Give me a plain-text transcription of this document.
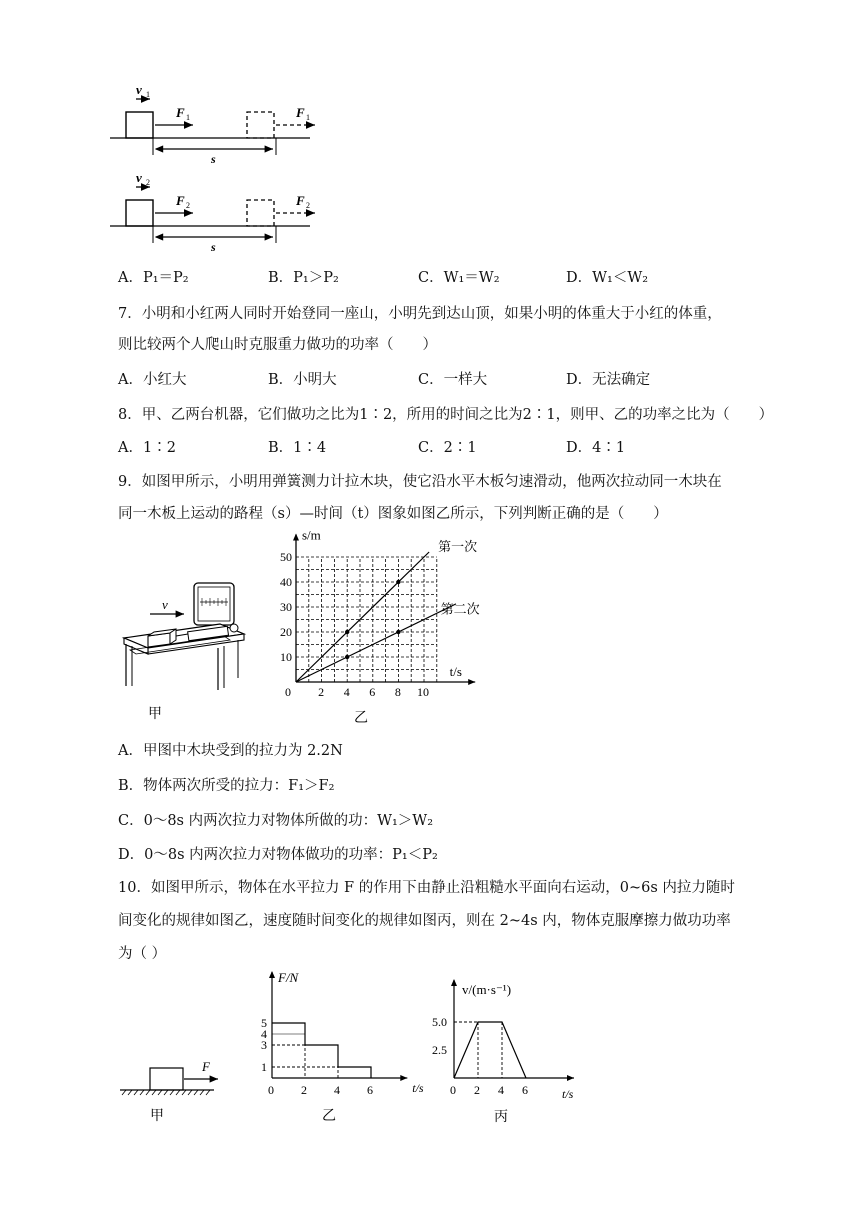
v 1
F 1	F 1
s
v 2
F 2	F 2
s
A．P₁＝P₂	B．P₁＞P₂	C．W₁＝W₂	D．W₁＜W₂
7．小明和小红两人同时开始登同一座山，小明先到达山顶，如果小明的体重大于小红的体重，
则比较两个人爬山时克服重力做功的功率（　　）
A．小红大	B．小明大	C．一样大	D．无法确定
8．甲、乙两台机器，它们做功之比为1∶2，所用的时间之比为2∶1，则甲、乙的功率之比为（　　）
A．1∶2	B．1∶4	C．2∶1	D．4∶1
9．如图甲所示，小明用弹簧测力计拉木块，使它沿水平木板匀速滑动，他两次拉动同一木块在
同一木板上运动的路程（s）—时间（t）图象如图乙所示，下列判断正确的是（　　）
v
甲
0 2 4 6 8 10
10
20
30
40
50
s/m
t/s
第一次
第二次
乙
A．甲图中木块受到的拉力为 2.2N
B．物体两次所受的拉力：F₁＞F₂
C．0～8s 内两次拉力对物体所做的功：W₁＞W₂
D．0～8s 内两次拉力对物体做功的功率：P₁＜P₂
10．如图甲所示，物体在水平拉力 F 的作用下由静止沿粗糙水平面向右运动，0~6s 内拉力随时
间变化的规律如图乙，速度随时间变化的规律如图丙，则在 2~4s 内，物体克服摩擦力做功功率
为（ ）
F
甲
1
3
4
5
0 2 4 6
F/N
t/s
乙
2.5
5.0
0 2 4 6
v/(m·s⁻¹)
t/s
丙
